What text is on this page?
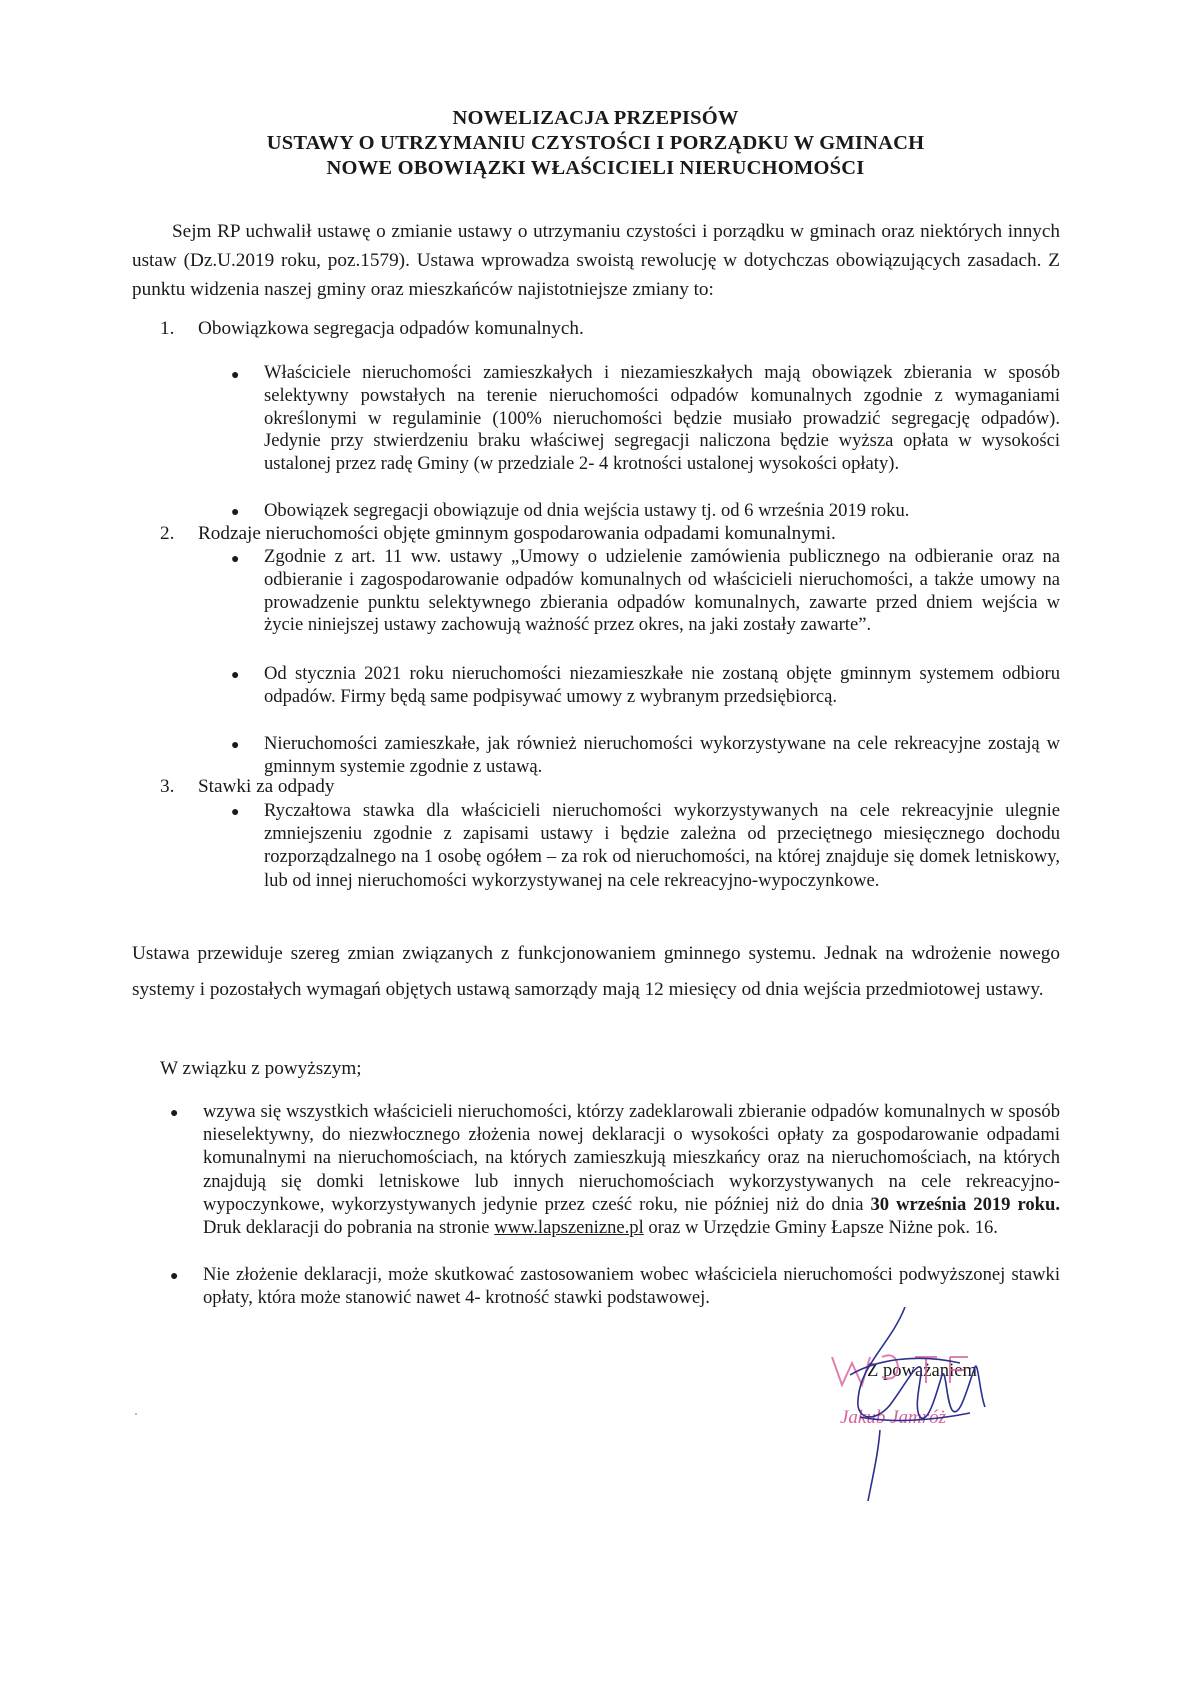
NOWELIZACJA PRZEPISÓW
USTAWY O UTRZYMANIU CZYSTOŚCI I PORZĄDKU W GMINACH
NOWE OBOWIĄZKI WŁAŚCICIELI NIERUCHOMOŚCI
Sejm RP uchwalił ustawę o zmianie ustawy o utrzymaniu czystości i porządku w gminach oraz niektórych innych ustaw (Dz.U.2019 roku, poz.1579). Ustawa wprowadza swoistą rewolucję w dotychczas obowiązujących zasadach. Z punktu widzenia naszej gminy oraz mieszkańców najistotniejsze zmiany to:
1. Obowiązkowa segregacja odpadów komunalnych.
● Właściciele nieruchomości zamieszkałych i niezamieszkałych mają obowiązek zbierania w sposób selektywny powstałych na terenie nieruchomości odpadów komunalnych zgodnie z wymaganiami określonymi w regulaminie (100% nieruchomości będzie musiało prowadzić segregację odpadów). Jedynie przy stwierdzeniu braku właściwej segregacji naliczona będzie wyższa opłata w wysokości ustalonej przez radę Gminy (w przedziale 2- 4 krotności ustalonej wysokości opłaty).
● Obowiązek segregacji obowiązuje od dnia wejścia ustawy tj. od 6 września 2019 roku.
2. Rodzaje nieruchomości objęte gminnym gospodarowania odpadami komunalnymi.
● Zgodnie z art. 11 ww. ustawy „Umowy o udzielenie zamówienia publicznego na odbieranie oraz na odbieranie i zagospodarowanie odpadów komunalnych od właścicieli nieruchomości, a także umowy na prowadzenie punktu selektywnego zbierania odpadów komunalnych, zawarte przed dniem wejścia w życie niniejszej ustawy zachowują ważność przez okres, na jaki zostały zawarte”.
● Od stycznia 2021 roku nieruchomości niezamieszkałe nie zostaną objęte gminnym systemem odbioru odpadów. Firmy będą same podpisywać umowy z wybranym przedsiębiorcą.
● Nieruchomości zamieszkałe, jak również nieruchomości wykorzystywane na cele rekreacyjne zostają w gminnym systemie zgodnie z ustawą.
3. Stawki za odpady
● Ryczałtowa stawka dla właścicieli nieruchomości wykorzystywanych na cele rekreacyjnie ulegnie zmniejszeniu zgodnie z zapisami ustawy i będzie zależna od przeciętnego miesięcznego dochodu rozporządzalnego na 1 osobę ogółem – za rok od nieruchomości, na której znajduje się domek letniskowy, lub od innej nieruchomości wykorzystywanej na cele rekreacyjno-wypoczynkowe.
Ustawa przewiduje szereg zmian związanych z funkcjonowaniem gminnego systemu. Jednak na wdrożenie nowego systemy i pozostałych wymagań objętych ustawą samorządy mają 12 miesięcy od dnia wejścia przedmiotowej ustawy.
W związku z powyższym;
● wzywa się wszystkich właścicieli nieruchomości, którzy zadeklarowali zbieranie odpadów komunalnych w sposób nieselektywny, do niezwłocznego złożenia nowej deklaracji o wysokości opłaty za gospodarowanie odpadami komunalnymi na nieruchomościach, na których zamieszkują mieszkańcy oraz na nieruchomościach, na których znajdują się domki letniskowe lub innych nieruchomościach wykorzystywanych na cele rekreacyjno-wypoczynkowe, wykorzystywanych jedynie przez cześć roku, nie później niż do dnia 30 września 2019 roku. Druk deklaracji do pobrania na stronie www.lapszenizne.pl oraz w Urzędzie Gminy Łapsze Niżne pok. 16.
● Nie złożenie deklaracji, może skutkować zastosowaniem wobec właściciela nieruchomości podwyższonej stawki opłaty, która może stanowić nawet 4- krotność stawki podstawowej.
Z poważaniem
Jakub Jamróż
